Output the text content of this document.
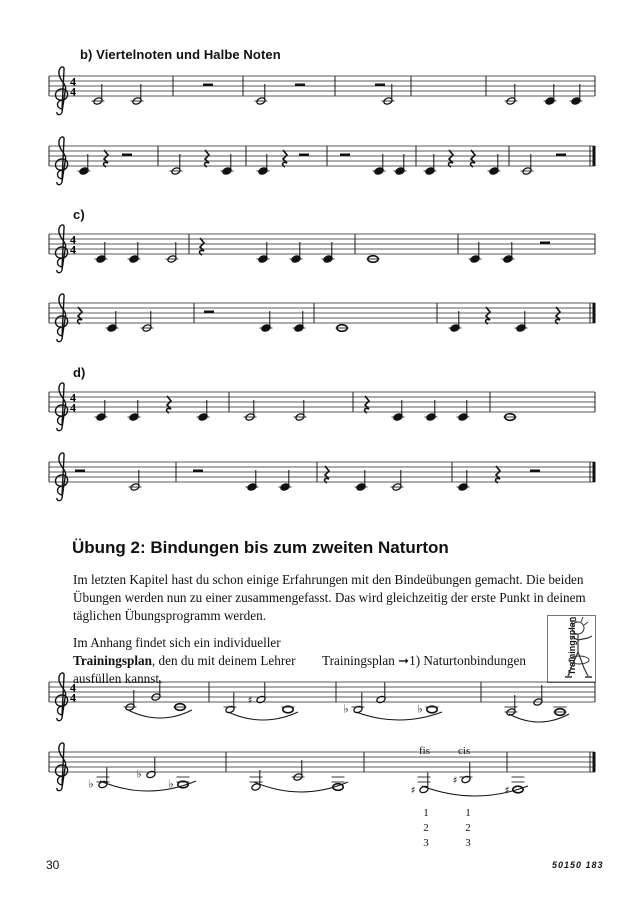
b) Viertelnoten und Halbe Noten
c)
d)
Übung 2: Bindungen bis zum zweiten Naturton
Im letzten Kapitel hast du schon einige Erfahrungen mit den Bindeübungen gemacht. Die beiden Übungen werden nun zu einer zusammengefasst. Das wird gleichzeitig der erste Punkt in deinem täglichen Übungsprogramm werden.
Im Anhang findet sich ein individueller Trainingsplan, den du mit deinem Lehrer ausfüllen kannst.
Trainingsplan ➞1) Naturtonbindungen	Trainingsplan
fis	cis
1
2
3
1
2
3
30	50150 183
4
4
4
4
4
4
4
4	♯
♭	♭
♭
♭
♭
♯
♯
♯
